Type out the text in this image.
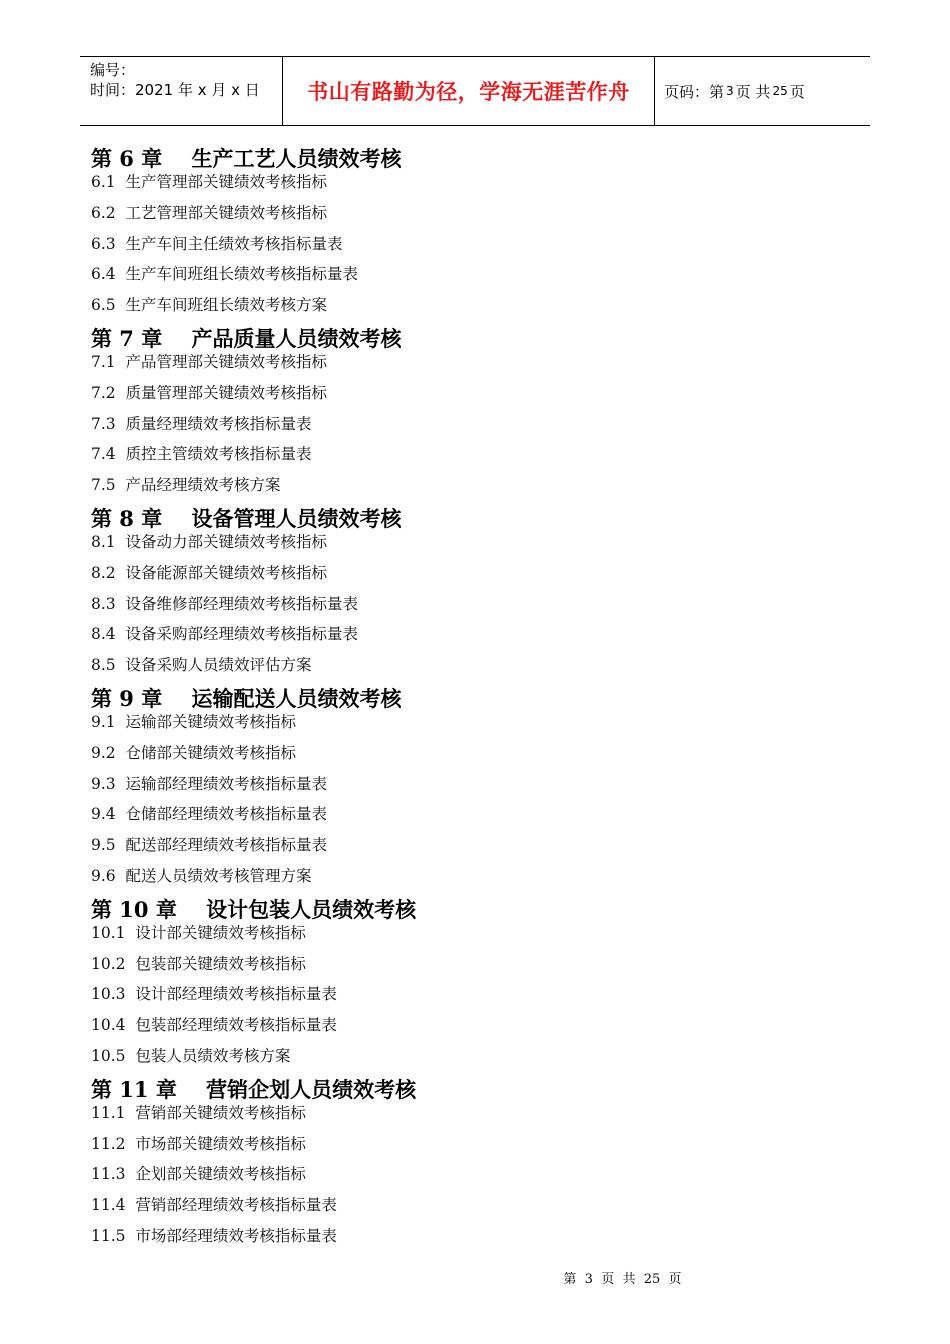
编号：
时间：2021 年 x 月 x 日	书山有路勤为径，学海无涯苦作舟	页码：第 3 页 共 25 页
第 6 章    生产工艺人员绩效考核
6.1  生产管理部关键绩效考核指标
6.2  工艺管理部关键绩效考核指标
6.3  生产车间主任绩效考核指标量表
6.4  生产车间班组长绩效考核指标量表
6.5  生产车间班组长绩效考核方案
第 7 章    产品质量人员绩效考核
7.1  产品管理部关键绩效考核指标
7.2  质量管理部关键绩效考核指标
7.3  质量经理绩效考核指标量表
7.4  质控主管绩效考核指标量表
7.5  产品经理绩效考核方案
第 8 章    设备管理人员绩效考核
8.1  设备动力部关键绩效考核指标
8.2  设备能源部关键绩效考核指标
8.3  设备维修部经理绩效考核指标量表
8.4  设备采购部经理绩效考核指标量表
8.5  设备采购人员绩效评估方案
第 9 章    运输配送人员绩效考核
9.1  运输部关键绩效考核指标
9.2  仓储部关键绩效考核指标
9.3  运输部经理绩效考核指标量表
9.4  仓储部经理绩效考核指标量表
9.5  配送部经理绩效考核指标量表
9.6  配送人员绩效考核管理方案
第 10 章    设计包装人员绩效考核
10.1  设计部关键绩效考核指标
10.2  包装部关键绩效考核指标
10.3  设计部经理绩效考核指标量表
10.4  包装部经理绩效考核指标量表
10.5  包装人员绩效考核方案
第 11 章    营销企划人员绩效考核
11.1  营销部关键绩效考核指标
11.2  市场部关键绩效考核指标
11.3  企划部关键绩效考核指标
11.4  营销部经理绩效考核指标量表
11.5  市场部经理绩效考核指标量表
第  3  页  共  25  页
